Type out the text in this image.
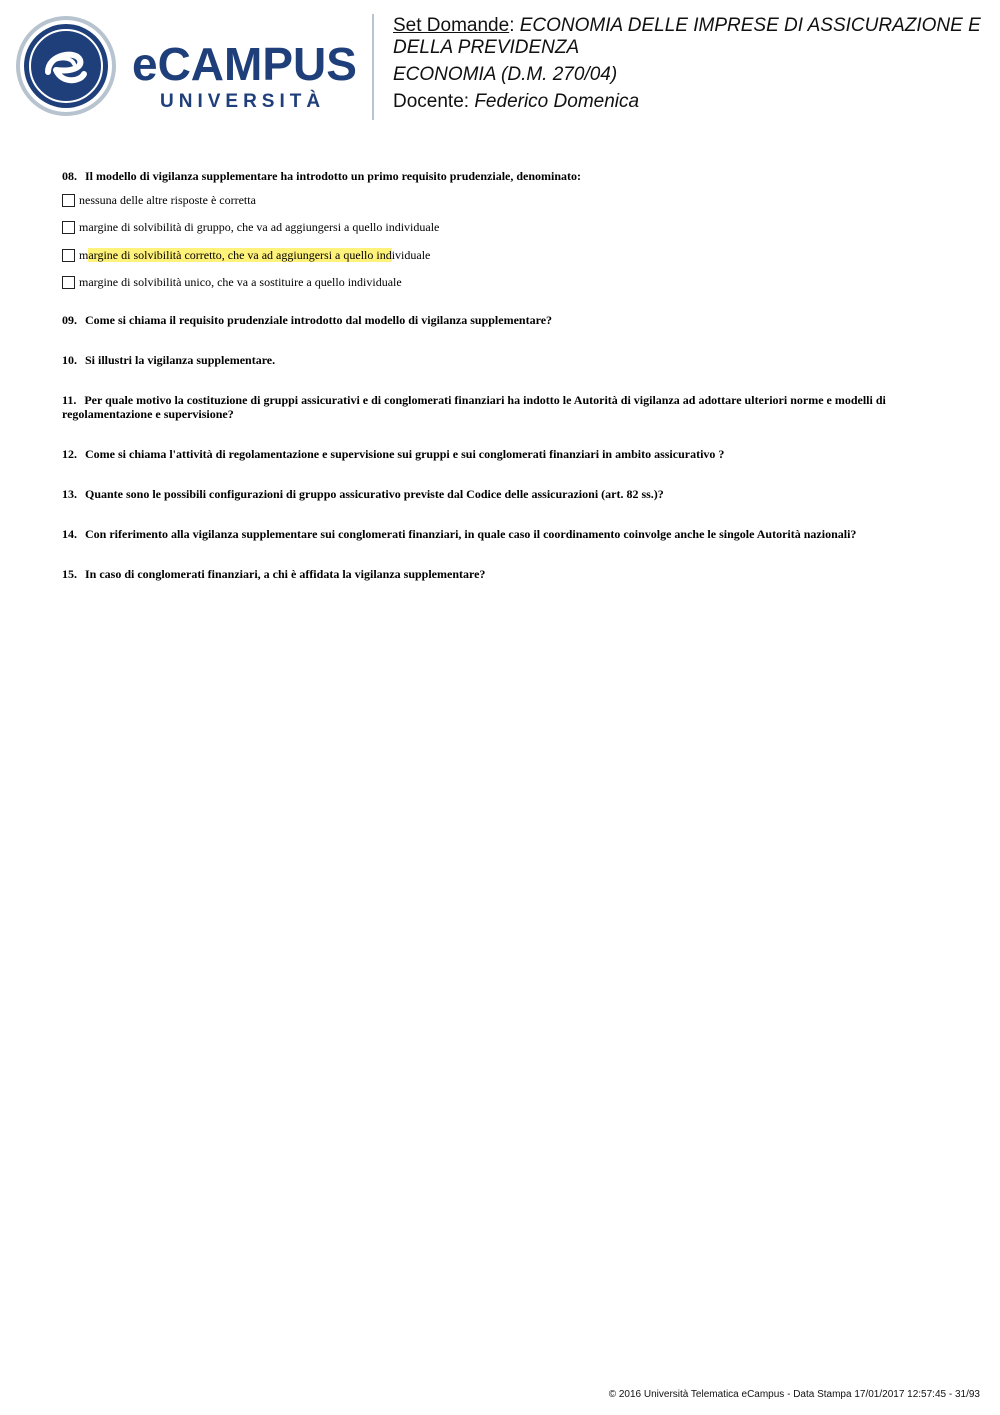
eCAMPUS
UNIVERSITÀ

Set Domande: ECONOMIA DELLE IMPRESE DI ASSICURAZIONE E

DELLA PREVIDENZA

ECONOMIA (D.M. 270/04)

Docente: Federico Domenica

08. Il modello di vigilanza supplementare ha introdotto un primo requisito prudenziale, denominato:

nessuna delle altre risposte è corretta
margine di solvibilità di gruppo, che va ad aggiungersi a quello individuale
margine di solvibilità corretto, che va ad aggiungersi a quello individuale
margine di solvibilità unico, che va a sostituire a quello individuale

09. Come si chiama il requisito prudenziale introdotto dal modello di vigilanza supplementare?

10. Si illustri la vigilanza supplementare.

11. Per quale motivo la costituzione di gruppi assicurativi e di conglomerati finanziari ha indotto le Autorità di vigilanza ad adottare ulteriori norme e modelli di regolamentazione e supervisione?

12. Come si chiama l'attività di regolamentazione e supervisione sui gruppi e sui conglomerati finanziari in ambito assicurativo ?

13. Quante sono le possibili configurazioni di gruppo assicurativo previste dal Codice delle assicurazioni (art. 82 ss.)?

14. Con riferimento alla vigilanza supplementare sui conglomerati finanziari, in quale caso il coordinamento coinvolge anche le singole Autorità nazionali?

15. In caso di conglomerati finanziari, a chi è affidata la vigilanza supplementare?

© 2016 Università Telematica eCampus - Data Stampa 17/01/2017 12:57:45 - 31/93
